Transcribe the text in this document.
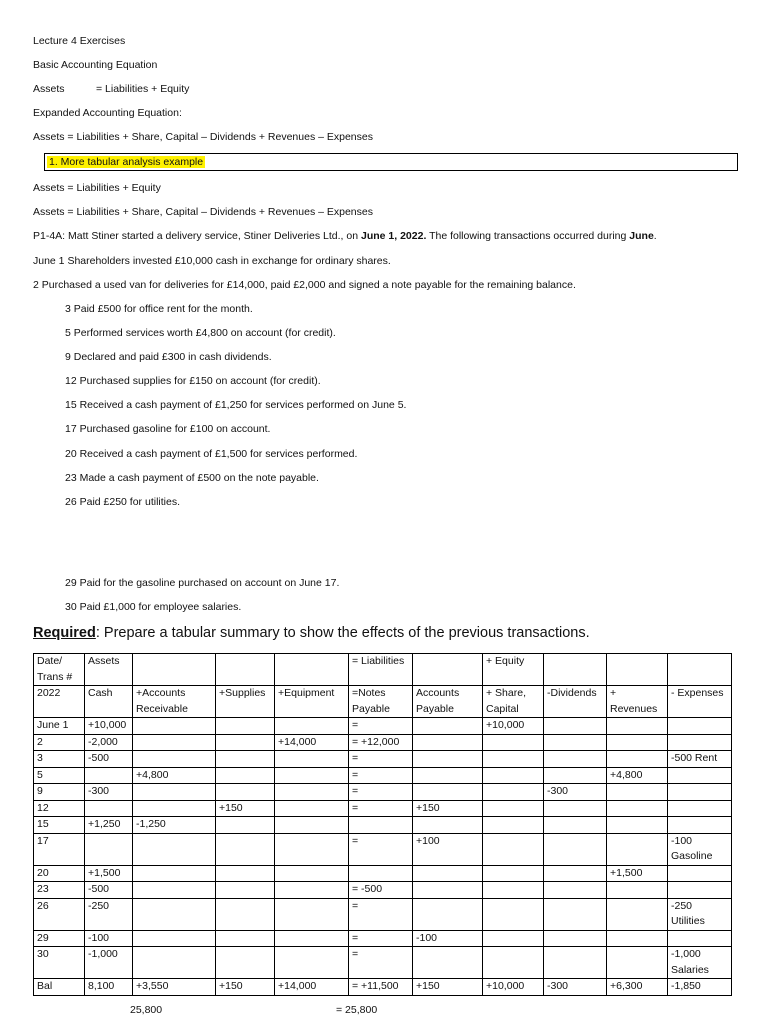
Lecture 4 Exercises
Basic Accounting Equation
Assets	= Liabilities + Equity
Expanded Accounting Equation:
Assets = Liabilities + Share, Capital – Dividends + Revenues – Expenses
1. More tabular analysis example
Assets = Liabilities + Equity
Assets = Liabilities + Share, Capital – Dividends + Revenues – Expenses
P1-4A: Matt Stiner started a delivery service, Stiner Deliveries Ltd., on June 1, 2022. The following transactions occurred during June.
June 1 Shareholders invested £10,000 cash in exchange for ordinary shares.
2 Purchased a used van for deliveries for £14,000, paid £2,000 and signed a note payable for the remaining balance.
3 Paid £500 for office rent for the month.
5 Performed services worth £4,800 on account (for credit).
9 Declared and paid £300 in cash dividends.
12 Purchased supplies for £150 on account (for credit).
15 Received a cash payment of £1,250 for services performed on June 5.
17 Purchased gasoline for £100 on account.
20 Received a cash payment of £1,500 for services performed.
23 Made a cash payment of £500 on the note payable.
26 Paid £250 for utilities.
29 Paid for the gasoline purchased on account on June 17.
30 Paid £1,000 for employee salaries.
Required: Prepare a tabular summary to show the effects of the previous transactions.
Date/ Trans #	Assets				= Liabilities		+ Equity			
2022	Cash	+Accounts Receivable	+Supplies	+Equipment	=Notes Payable	Accounts Payable	+ Share, Capital	-Dividends	+ Revenues	- Expenses
June 1	+10,000				=		+10,000			
2	-2,000			+14,000	= +12,000					
3	-500				=					-500 Rent
5		+4,800			=				+4,800	
9	-300				=			-300		
12			+150		=	+150				
15	+1,250	-1,250								
17					=	+100				-100 Gasoline
20	+1,500								+1,500	
23	-500				= -500					
26	-250				=					-250 Utilities
29	-100				=	-100				
30	-1,000				=					-1,000 Salaries
Bal	8,100	+3,550	+150	+14,000	= +11,500	+150	+10,000	-300	+6,300	-1,850
25,800	= 25,800
